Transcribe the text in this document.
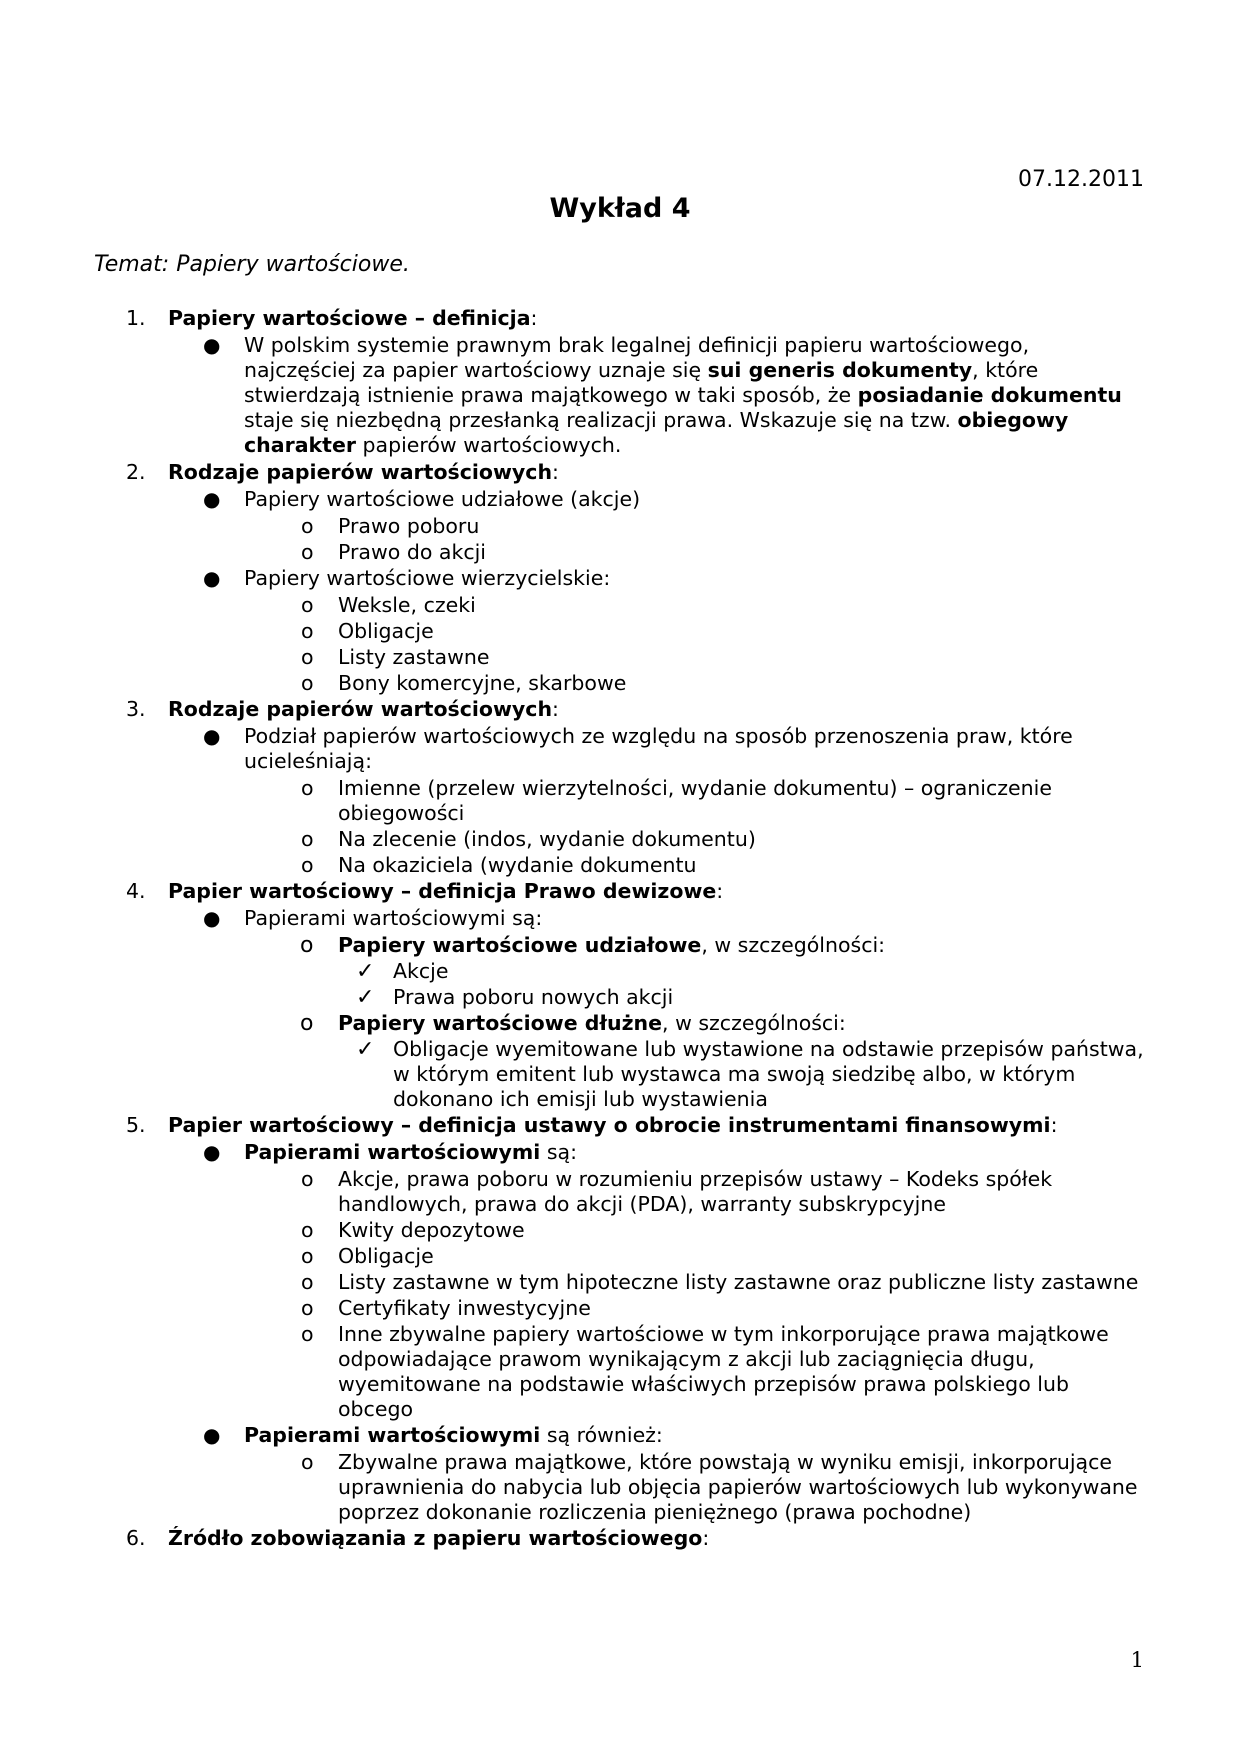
07.12.2011
Wykład 4
Temat: Papiery wartościowe.
1.	Papiery wartościowe – definicja:
● W polskim systemie prawnym brak legalnej definicji papieru wartościowego, najczęściej za papier wartościowy uznaje się sui generis dokumenty, które stwierdzają istnienie prawa majątkowego w taki sposób, że posiadanie dokumentu staje się niezbędną przesłanką realizacji prawa. Wskazuje się na tzw. obiegowy charakter papierów wartościowych.
2.	Rodzaje papierów wartościowych:
● Papiery wartościowe udziałowe (akcje)
o Prawo poboru
o Prawo do akcji
● Papiery wartościowe wierzycielskie:
o Weksle, czeki
o Obligacje
o Listy zastawne
o Bony komercyjne, skarbowe
3.	Rodzaje papierów wartościowych:
● Podział papierów wartościowych ze względu na sposób przenoszenia praw, które ucieleśniają:
o Imienne (przelew wierzytelności, wydanie dokumentu) – ograniczenie obiegowości
o Na zlecenie (indos, wydanie dokumentu)
o Na okaziciela (wydanie dokumentu
4.	Papier wartościowy – definicja Prawo dewizowe:
● Papierami wartościowymi są:
o Papiery wartościowe udziałowe, w szczególności:
✓ Akcje
✓ Prawa poboru nowych akcji
o Papiery wartościowe dłużne, w szczególności:
✓ Obligacje wyemitowane lub wystawione na odstawie przepisów państwa, w którym emitent lub wystawca ma swoją siedzibę albo, w którym dokonano ich emisji lub wystawienia
5.	Papier wartościowy – definicja ustawy o obrocie instrumentami finansowymi:
● Papierami wartościowymi są:
o Akcje, prawa poboru w rozumieniu przepisów ustawy – Kodeks spółek handlowych, prawa do akcji (PDA), warranty subskrypcyjne
o Kwity depozytowe
o Obligacje
o Listy zastawne w tym hipoteczne listy zastawne oraz publiczne listy zastawne
o Certyfikaty inwestycyjne
o Inne zbywalne papiery wartościowe w tym inkorporujące prawa majątkowe odpowiadające prawom wynikającym z akcji lub zaciągnięcia długu, wyemitowane na podstawie właściwych przepisów prawa polskiego lub obcego
● Papierami wartościowymi są również:
o Zbywalne prawa majątkowe, które powstają w wyniku emisji, inkorporujące uprawnienia do nabycia lub objęcia papierów wartościowych lub wykonywane poprzez dokonanie rozliczenia pieniężnego (prawa pochodne)
6.	Źródło zobowiązania z papieru wartościowego:
1
